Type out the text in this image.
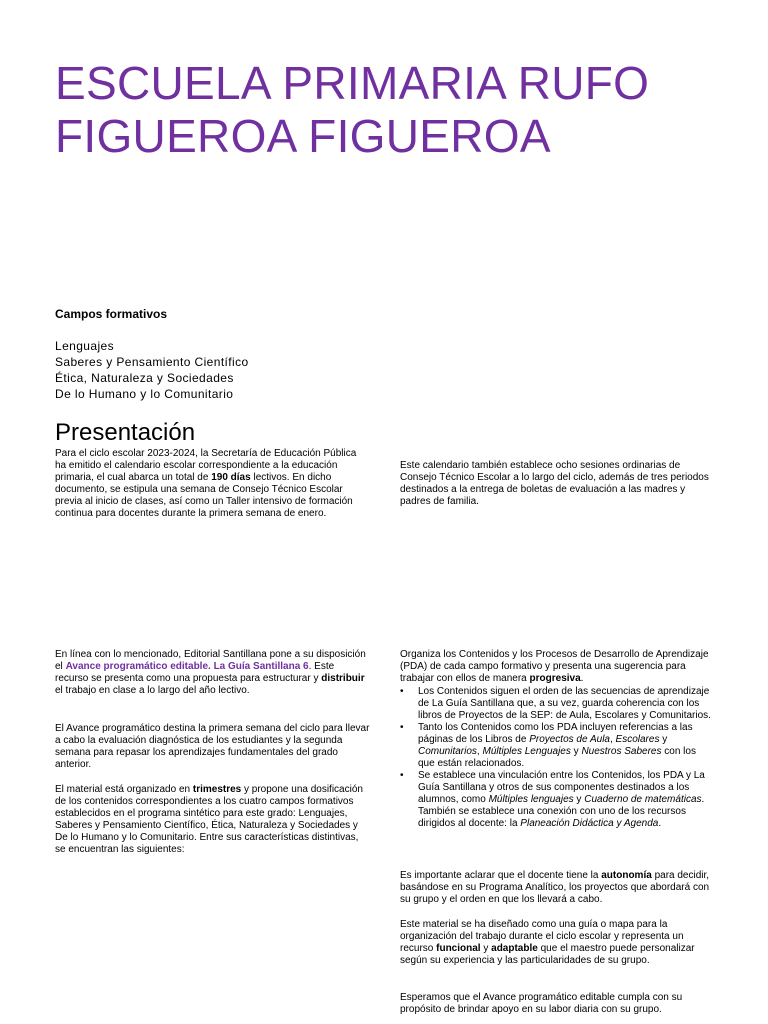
ESCUELA PRIMARIA RUFO
FIGUEROA FIGUEROA
Campos formativos
Lenguajes
Saberes y Pensamiento Científico
Ética, Naturaleza y Sociedades
De lo Humano y lo Comunitario
Presentación

Para el ciclo escolar 2023-2024, la Secretaría de Educación Pública ha emitido el calendario escolar correspondiente a la educación primaria, el cual abarca un total de 190 días lectivos. En dicho documento, se estipula una semana de Consejo Técnico Escolar previa al inicio de clases, así como un Taller intensivo de formación continua para docentes durante la primera semana de enero.

Este calendario también establece ocho sesiones ordinarias de Consejo Técnico Escolar a lo largo del ciclo, además de tres periodos destinados a la entrega de boletas de evaluación a las madres y padres de familia.

En línea con lo mencionado, Editorial Santillana pone a su disposición el Avance programático editable. La Guía Santillana 6. Este recurso se presenta como una propuesta para estructurar y distribuir el trabajo en clase a lo largo del año lectivo.

El Avance programático destina la primera semana del ciclo para llevar a cabo la evaluación diagnóstica de los estudiantes y la segunda semana para repasar los aprendizajes fundamentales del grado anterior.

El material está organizado en trimestres y propone una dosificación de los contenidos correspondientes a los cuatro campos formativos establecidos en el programa sintético para este grado: Lenguajes, Saberes y Pensamiento Científico, Ética, Naturaleza y Sociedades y De lo Humano y lo Comunitario. Entre sus características distintivas, se encuentran las siguientes:

Organiza los Contenidos y los Procesos de Desarrollo de Aprendizaje (PDA) de cada campo formativo y presenta una sugerencia para trabajar con ellos de manera progresiva.

• Los Contenidos siguen el orden de las secuencias de aprendizaje de La Guía Santillana que, a su vez, guarda coherencia con los libros de Proyectos de la SEP: de Aula, Escolares y Comunitarios.
• Tanto los Contenidos como los PDA incluyen referencias a las páginas de los Libros de Proyectos de Aula, Escolares y Comunitarios, Múltiples Lenguajes y Nuestros Saberes con los que están relacionados.
• Se establece una vinculación entre los Contenidos, los PDA y La Guía Santillana y otros de sus componentes destinados a los alumnos, como Múltiples lenguajes y Cuaderno de matemáticas. También se establece una conexión con uno de los recursos dirigidos al docente: la Planeación Didáctica y Agenda.

Es importante aclarar que el docente tiene la autonomía para decidir, basándose en su Programa Analítico, los proyectos que abordará con su grupo y el orden en que los llevará a cabo.

Este material se ha diseñado como una guía o mapa para la organización del trabajo durante el ciclo escolar y representa un recurso funcional y adaptable que el maestro puede personalizar según su experiencia y las particularidades de su grupo.

Esperamos que el Avance programático editable cumpla con su propósito de brindar apoyo en su labor diaria con su grupo.
